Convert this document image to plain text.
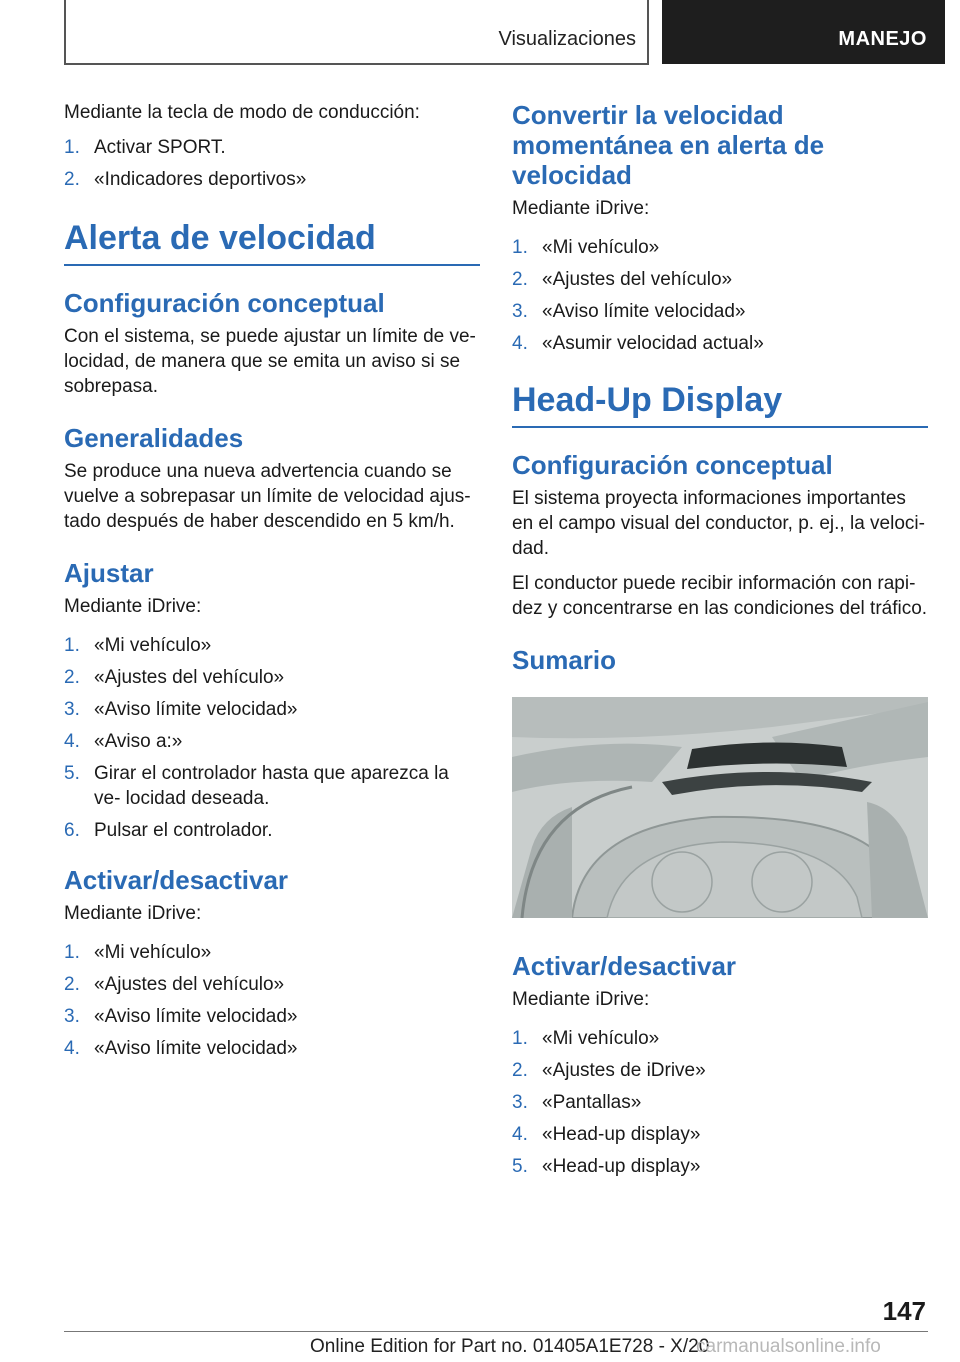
Visualizaciones	MANEJO

Mediante la tecla de modo de conducción:

1. Activar SPORT.
2. «Indicadores deportivos»
Alerta de velocidad
Configuración conceptual

Con el sistema, se puede ajustar un límite de ve- locidad, de manera que se emita un aviso si se sobrepasa.

Generalidades

Se produce una nueva advertencia cuando se vuelve a sobrepasar un límite de velocidad ajus- tado después de haber descendido en 5 km/h.

Ajustar

Mediante iDrive:

1. «Mi vehículo»
2. «Ajustes del vehículo»
3. «Aviso límite velocidad»
4. «Aviso a:»
5. Girar el controlador hasta que aparezca la ve- locidad deseada.
6. Pulsar el controlador.
Activar/desactivar

Mediante iDrive:

1. «Mi vehículo»
2. «Ajustes del vehículo»
3. «Aviso límite velocidad»
4. «Aviso límite velocidad»
Convertir la velocidad momentánea en alerta de velocidad

Mediante iDrive:

1. «Mi vehículo»
2. «Ajustes del vehículo»
3. «Aviso límite velocidad»
4. «Asumir velocidad actual»
Head-Up Display
Configuración conceptual

El sistema proyecta informaciones importantes en el campo visual del conductor, p. ej., la veloci- dad.

El conductor puede recibir información con rapi- dez y concentrarse en las condiciones del tráfico.

Sumario
Activar/desactivar

Mediante iDrive:

1. «Mi vehículo»
2. «Ajustes de iDrive»
3. «Pantallas»
4. «Head-up display»
5. «Head-up display»
147
Online Edition for Part no. 01405A1E728 - X/20
carmanualsonline.info
